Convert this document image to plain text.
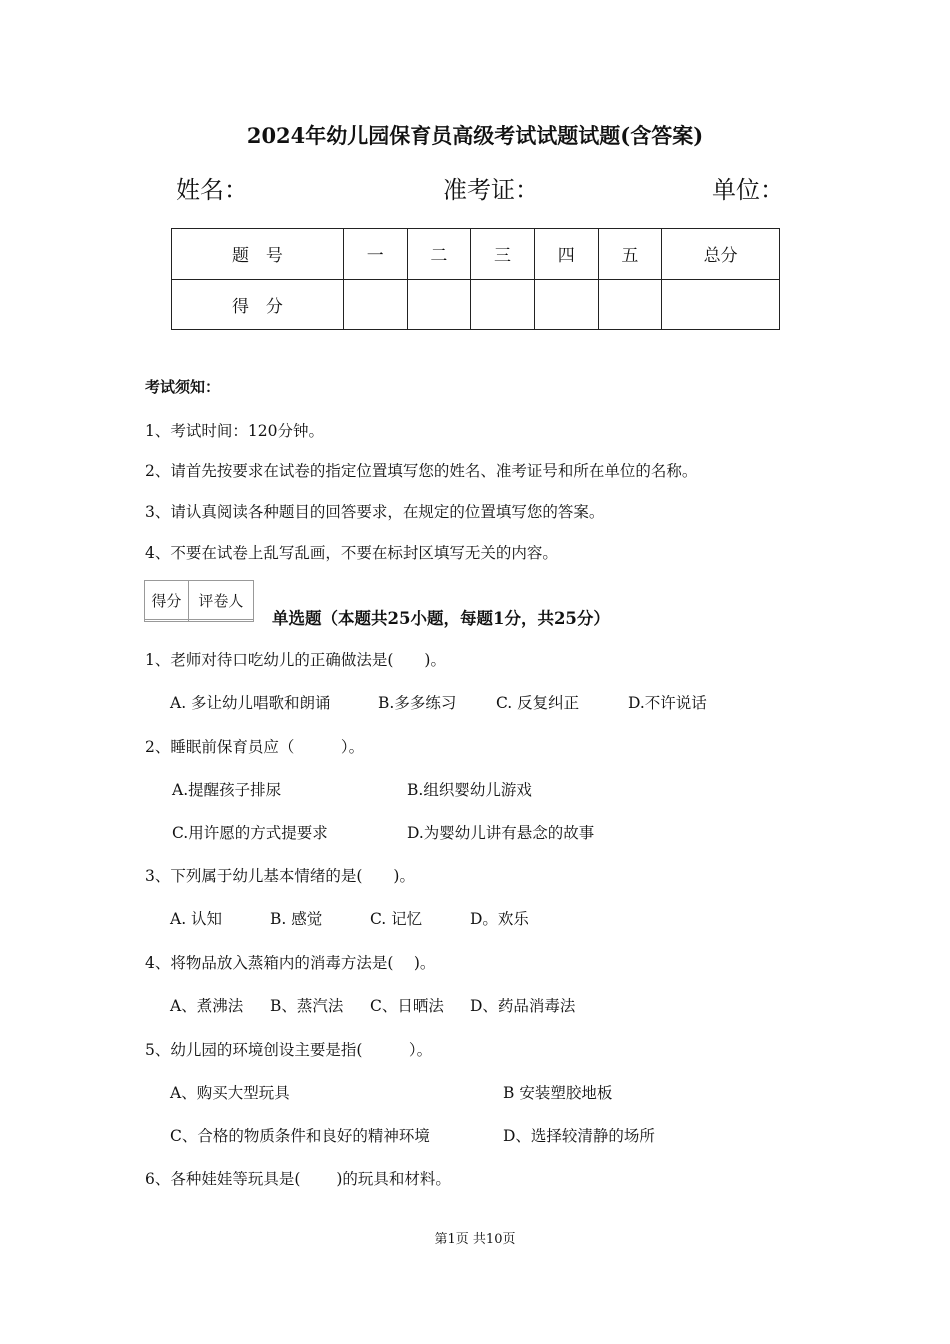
2024年幼儿园保育员高级考试试题试题(含答案)
姓名：	准考证：	单位：
题　号	一	二	三	四	五	总分
得　分						
考试须知：
1、考试时间：120分钟。
2、请首先按要求在试卷的指定位置填写您的姓名、准考证号和所在单位的名称。
3、请认真阅读各种题目的回答要求，在规定的位置填写您的答案。
4、不要在试卷上乱写乱画，不要在标封区填写无关的内容。
得分	评卷人

单选题（本题共25小题，每题1分，共25分）
1、老师对待口吃幼儿的正确做法是(　　)。
A. 多让幼儿唱歌和朗诵	B.多多练习	C. 反复纠正	D.不许说话
2、睡眠前保育员应（　　　）。
A.提醒孩子排尿	B.组织婴幼儿游戏
C.用许愿的方式提要求	D.为婴幼儿讲有悬念的故事
3、下列属于幼儿基本情绪的是(　　)。
A. 认知	B. 感觉	C. 记忆	D。欢乐
4、将物品放入蒸箱内的消毒方法是(　 )。
A、煮沸法 B、蒸汽法 C、日晒法 D、药品消毒法
5、幼儿园的环境创设主要是指(　　　）。
A、购买大型玩具	B 安装塑胶地板
C、合格的物质条件和良好的精神环境	D、选择较清静的场所
6、各种娃娃等玩具是(　　 )的玩具和材料。
第1页 共10页
